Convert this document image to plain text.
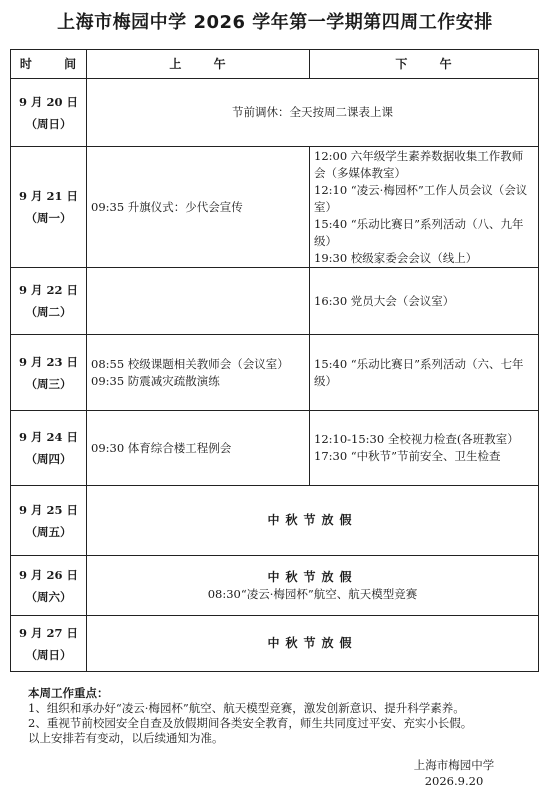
上海市梅园中学 2026 学年第一学期第四周工作安排
时 间	上 午	下 午

9 月 20 日
（周日）	节前调休：全天按周二课表上课	

9 月 21 日
（周一）	09:35 升旗仪式：少代会宣传	12:00 六年级学生素养数据收集工作教师会（多媒体教室）
12:10 “凌云·梅园杯”工作人员会议（会议室）
15:40 “乐动比赛日”系列活动（八、九年级）
19:30 校级家委会会议（线上）

9 月 22 日
（周二）		16:30 党员大会（会议室）

9 月 23 日
（周三）	08:55 校级课题相关教师会（会议室）
09:35 防震减灾疏散演练	15:40 “乐动比赛日”系列活动（六、七年级）

9 月 24 日
（周四）	09:30 体育综合楼工程例会	12:10-15:30 全校视力检查(各班教室）
17:30 “中秋节”节前安全、卫生检查

9 月 25 日
（周五）	中秋节放假	

9 月 26 日
（周六）	中秋节放假
08:30“凌云·梅园杯”航空、航天模型竞赛	

9 月 27 日
（周日）	中秋节放假	
本周工作重点：
1、组织和承办好“凌云·梅园杯”航空、航天模型竞赛，激发创新意识、提升科学素养。
2、重视节前校园安全自查及放假期间各类安全教育，师生共同度过平安、充实小长假。
以上安排若有变动，以后续通知为准。
上海市梅园中学
2026.9.20
